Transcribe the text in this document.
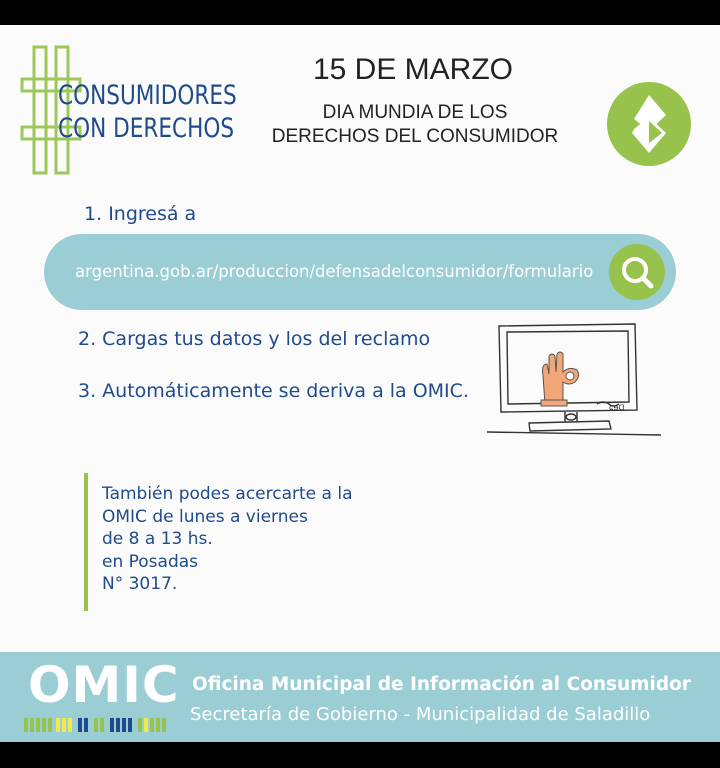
CONSUMIDORES
CON DERECHOS
15 DE MARZO
DIA MUNDIA DE LOS
DERECHOS DEL CONSUMIDOR
1. Ingresá a
argentina.gob.ar/produccion/defensadelconsumidor/formulario
2. Cargas tus datos y los del reclamo
3. Automáticamente se deriva a la OMIC.
ɕɘᗡ
También podes acercarte a la
OMIC de lunes a viernes
de 8 a 13 hs.
en Posadas
N° 3017.
OMIC Oficina Municipal de Información al Consumidor
Secretaría de Gobierno - Municipalidad de Saladillo
